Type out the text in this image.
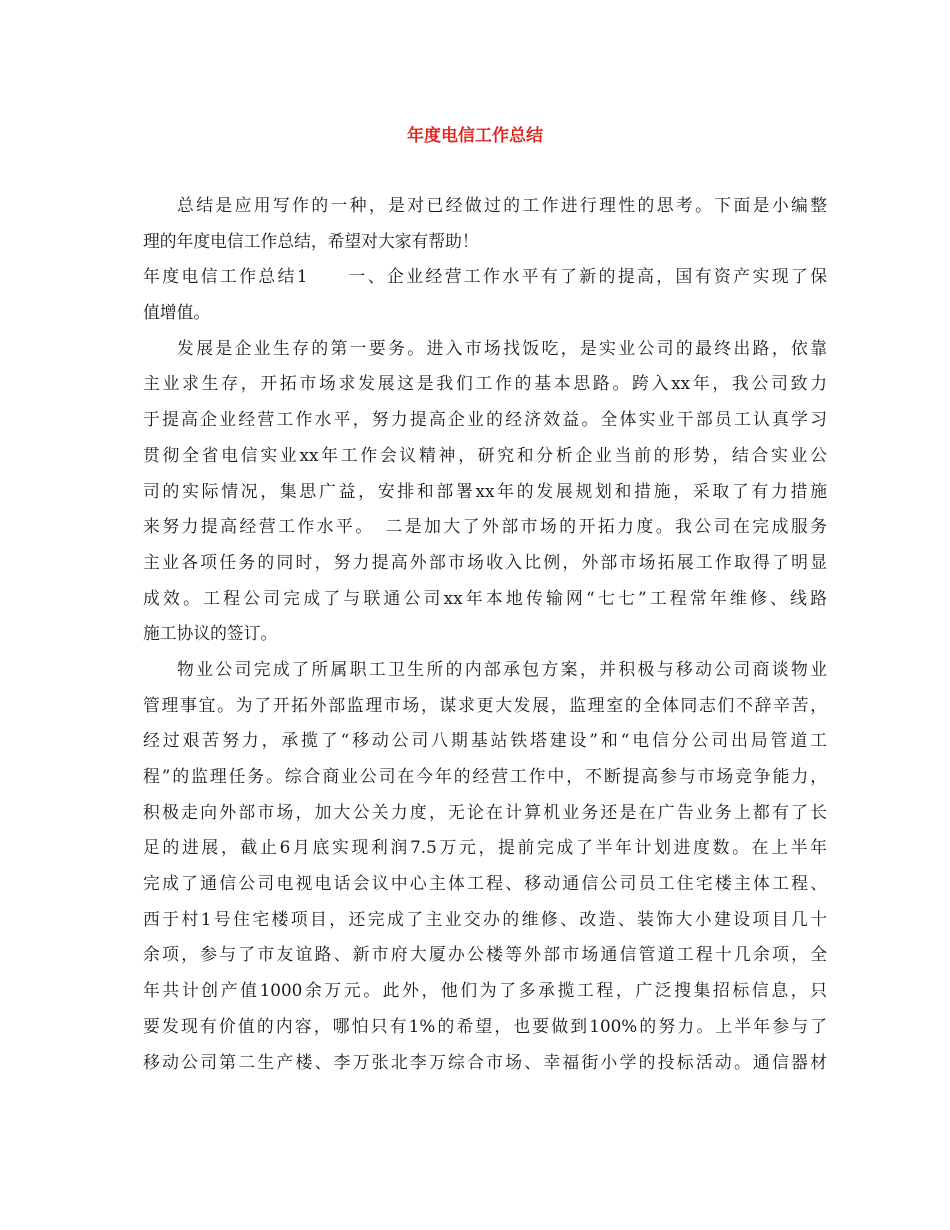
年度电信工作总结
总结是应用写作的一种，是对已经做过的工作进行理性的思考。下面是小编整
理的年度电信工作总结，希望对大家有帮助！
年度电信工作总结1　　一、企业经营工作水平有了新的提高，国有资产实现了保
值增值。
发展是企业生存的第一要务。进入市场找饭吃，是实业公司的最终出路，依靠
主业求生存，开拓市场求发展这是我们工作的基本思路。跨入xx年，我公司致力
于提高企业经营工作水平，努力提高企业的经济效益。全体实业干部员工认真学习
贯彻全省电信实业xx年工作会议精神，研究和分析企业当前的形势，结合实业公
司的实际情况，集思广益，安排和部署xx年的发展规划和措施，采取了有力措施
来努力提高经营工作水平。　二是加大了外部市场的开拓力度。我公司在完成服务
主业各项任务的同时，努力提高外部市场收入比例，外部市场拓展工作取得了明显
成效。工程公司完成了与联通公司xx年本地传输网“七七”工程常年维修、线路
施工协议的签订。
物业公司完成了所属职工卫生所的内部承包方案，并积极与移动公司商谈物业
管理事宜。为了开拓外部监理市场，谋求更大发展，监理室的全体同志们不辞辛苦，
经过艰苦努力，承揽了“移动公司八期基站铁塔建设”和“电信分公司出局管道工
程”的监理任务。综合商业公司在今年的经营工作中，不断提高参与市场竞争能力，
积极走向外部市场，加大公关力度，无论在计算机业务还是在广告业务上都有了长
足的进展，截止6月底实现利润7.5万元，提前完成了半年计划进度数。在上半年
完成了通信公司电视电话会议中心主体工程、移动通信公司员工住宅楼主体工程、
西于村1号住宅楼项目，还完成了主业交办的维修、改造、装饰大小建设项目几十
余项，参与了市友谊路、新市府大厦办公楼等外部市场通信管道工程十几余项，全
年共计创产值1000余万元。此外，他们为了多承揽工程，广泛搜集招标信息，只
要发现有价值的内容，哪怕只有1%的希望，也要做到100%的努力。上半年参与了
移动公司第二生产楼、李万张北李万综合市场、幸福街小学的投标活动。通信器材
